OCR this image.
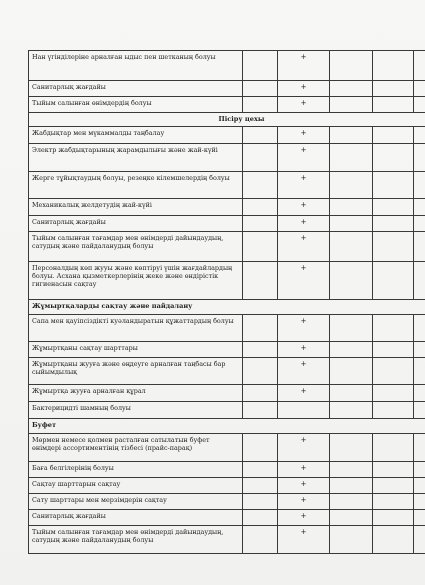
Нан үгінділеріне арналған ыдыс пен шетканың болуы		+			
Санитарлық жағдайы		+			
Тыйым салынған өнімдердің болуы		+			
Пісіру цехы					
Жабдықтар мен мүкаммалды таңбалау		+			
Электр жабдықтарының жарамдылығы және жай-күйі		+			
Жерге тұйықтаудың болуы, резеңке кілемшелердің болуы		+			
Механикалық желдетудің жай-күйі		+			
Санитарлық жағдайы		+			
Тыйым салынған тағамдар мен өнімдерді дайындаудың, сатудың және пайдаланудың болуы		+			
Персоналдың көп жууы және көптіруі үшін жағдайлардың болуы. Асхана қызметкерлерінің жеке және өндірістік гигиенасын сақтау		+			
Жұмыртқаларды сақтау және пайдалану					
Сапа мен қауіпсіздікті куәландыратын құжаттардың болуы		+			
Жұмыртқаны сақтау шарттары		+			
Жұмыртқаны жууға және өңдеуге арналған таңбасы бар сыйымдылық		+			
Жұмыртқа жууға арналған құрал		+			
Бактерицидті шамның болуы					
Буфет					
Мөрмен немесе қолмен расталған сатылатын буфет өнімдері ассортиментінің тізбесі (прайс-парақ)		+			
Баға белгілерінің болуы		+			
Сақтау шарттарын сақтау		+			
Сату шарттары мен мерзімдерін сақтау		+			
Санитарлық жағдайы		+			
Тыйым салынған тағамдар мен өнімдерді дайындаудың, сатудың және пайдаланудың болуы		+			
